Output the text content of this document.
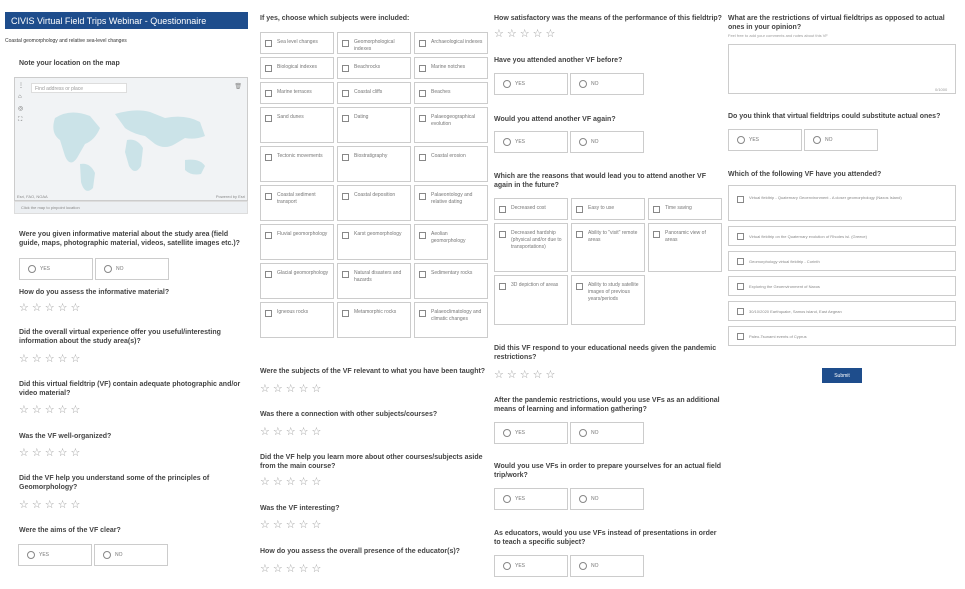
CIVIS Virtual Field Trips Webinar - Questionnaire
Coastal geomorphology and relative sea-level changes
Note your location on the map
Find address or place
⋮
⌂
◎
⛶
🗑
Esri, FAO, NOAA	Powered by Esri
Click the map to pinpoint location
Were you given informative material about the study area (field guide, maps, photographic material, videos, satellite images etc.)?
YES	NO
How do you assess the informative material?
☆ ☆ ☆ ☆ ☆
Did the overall virtual experience offer you useful/interesting information about the study area(s)?
☆ ☆ ☆ ☆ ☆
Did this virtual fieldtrip (VF) contain adequate photographic and/or video material?
☆ ☆ ☆ ☆ ☆
Was the VF well-organized?
☆ ☆ ☆ ☆ ☆
Did the VF help you understand some of the principles of Geomorphology?
☆ ☆ ☆ ☆ ☆
Were the aims of the VF clear?
YES	NO
If yes, choose which subjects were included:
Sea level changes	Geomorphological indexes
Archaeological indexes
Biological indexes	Beachrocks	Marine notches
Marine terraces	Coastal cliffs	Beaches
Sand dunes	Dating	Palaeogeographical evolution
Tectonic movements	Biostratigraphy	Coastal erosion
Coastal sediment transport
Coastal deposition	Palaeontology and relative dating
Fluvial geomorphology	Karst geomorphology	Aeolian geomorphology
Glacial geomorphology	Natural disasters and hazards
Sedimentary rocks
Igneous rocks	Metamorphic rocks	Palaeoclimatology and climatic changes
Were the subjects of the VF relevant to what you have been taught?
☆ ☆ ☆ ☆ ☆
Was there a connection with other subjects/courses?
☆ ☆ ☆ ☆ ☆
Did the VF help you learn more about other courses/subjects aside from the main course?
☆ ☆ ☆ ☆ ☆
Was the VF interesting?
☆ ☆ ☆ ☆ ☆
How do you assess the overall presence of the educator(s)?
☆ ☆ ☆ ☆ ☆
How satisfactory was the means of the performance of this fieldtrip?
☆ ☆ ☆ ☆ ☆
Have you attended another VF before?
YES	NO
Would you attend another VF again?
YES	NO
Which are the reasons that would lead you to attend another VF again in the future?
Decreased cost	Easy to use	Time saving
Decreased hardship (physical and/or due to transportations)
Ability to "visit" remote areas
Panoramic view of areas
3D depiction of areas	Ability to study satellite images of previous years/periods
Did this VF respond to your educational needs given the pandemic restrictions?
☆ ☆ ☆ ☆ ☆
After the pandemic restrictions, would you use VFs as an additional means of learning and information gathering?
YES	NO
Would you use VFs in order to prepare yourselves for an actual field trip/work?
YES	NO
As educators, would you use VFs instead of presentations in order to teach a specific subject?
YES	NO
What are the restrictions of virtual fieldtrips as opposed to actual ones in your opinion?
Feel free to add your comments and notes about this VF
0/1000
Do you think that virtual fieldtrips could substitute actual ones?
YES	NO
Which of the following VF have you attended?
Virtual fieldtrip - Quaternary Geoenvironment - A closer geomorphology (Naxos Island)
Virtual fieldtrip on the Quaternary evolution of Rhodes isl. (Greece)
Geomorphology virtual fieldtrip - Corinth
Exploring the Geoenvironment of Naxos
30/10/2020 Earthquake, Samos island, East Aegean
Paleo-Tsunami events of Cyprus
Submit
